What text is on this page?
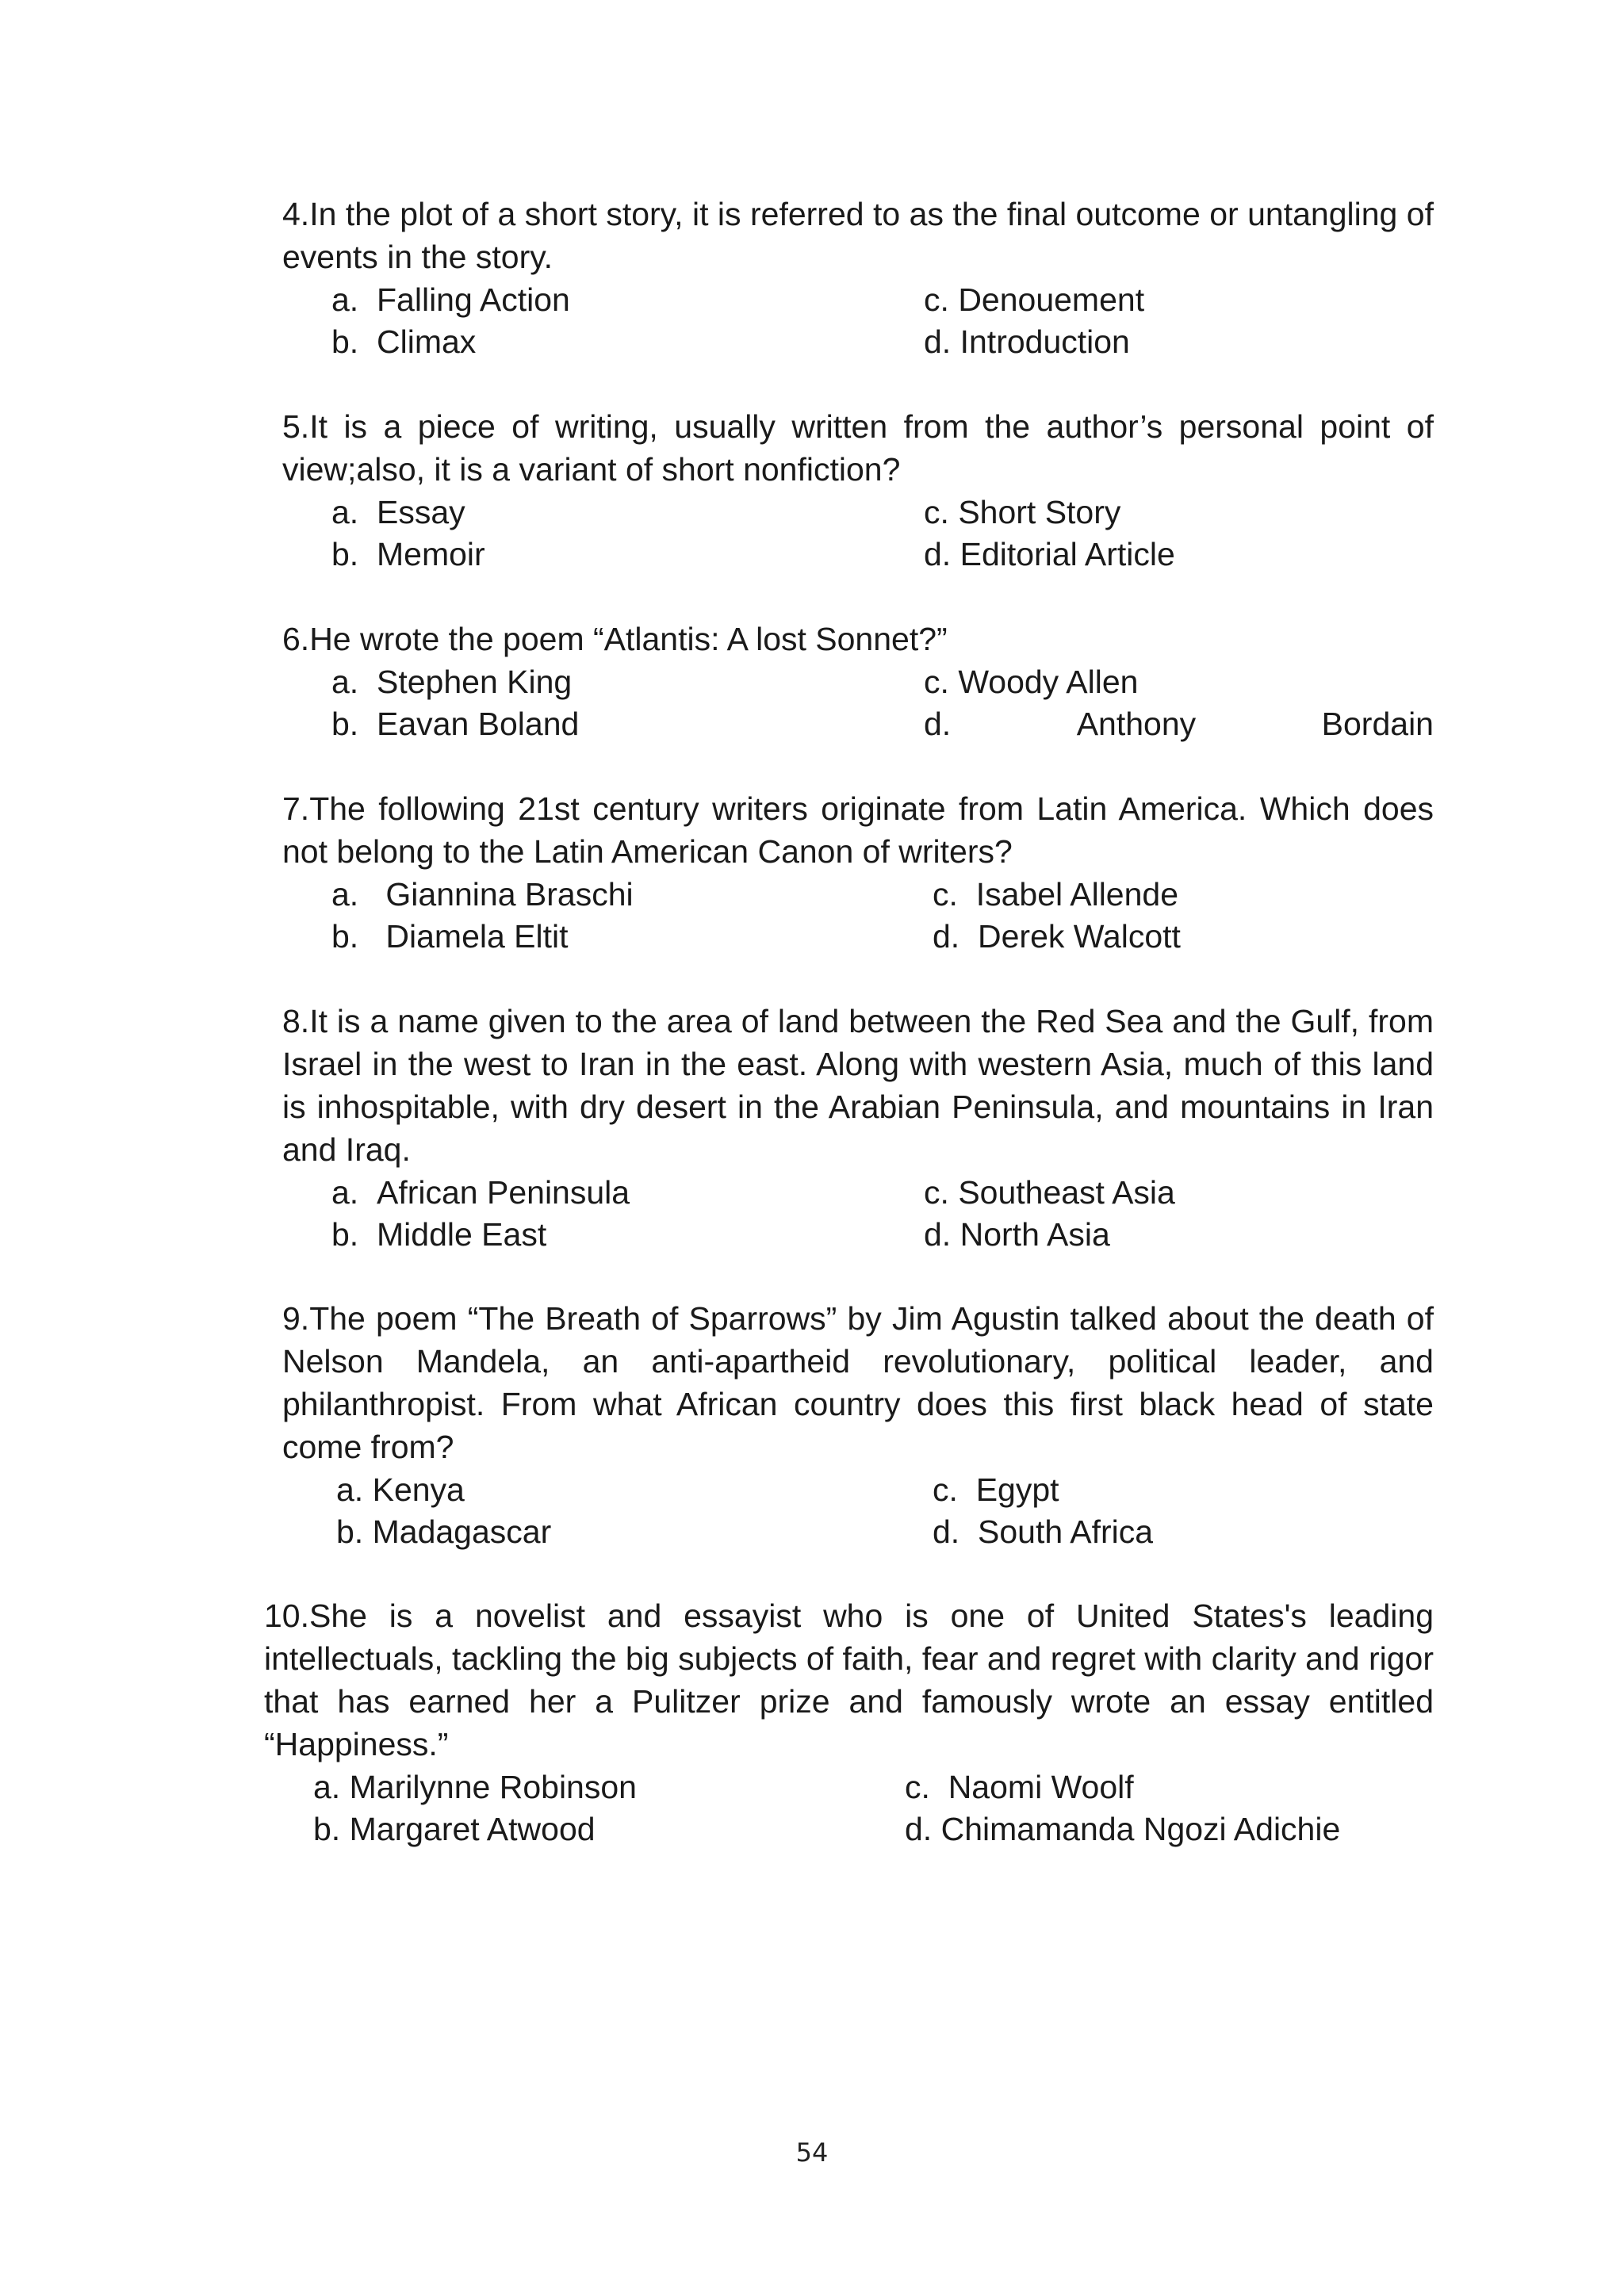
4.In the plot of a short story, it is referred to as the final outcome or untangling of events in the story.

a. Falling Action
b. Climax
c. Denouement
d. Introduction

5.It is a piece of writing, usually written from the author’s personal point of view;also, it is a variant of short nonfiction?

a. Essay
b. Memoir
c. Short Story
d. Editorial Article

6.He wrote the poem “Atlantis: A lost Sonnet?”

a. Stephen King
b. Eavan Boland
c. Woody Allen
d.	Anthony	Bordain

7.The following 21st century writers originate from Latin America. Which does not belong to the Latin American Canon of writers?

a. Giannina Braschi
b. Diamela Eltit
c. Isabel Allende
d. Derek Walcott

8.It is a name given to the area of land between the Red Sea and the Gulf, from Israel in the west to Iran in the east. Along with western Asia, much of this land is inhospitable, with dry desert in the Arabian Peninsula, and mountains in Iran and Iraq.

a. African Peninsula
b. Middle East
c. Southeast Asia
d. North Asia

9.The poem “The Breath of Sparrows” by Jim Agustin talked about the death of Nelson Mandela, an anti-apartheid revolutionary, political leader, and philanthropist. From what African country does this first black head of state come from?

a. Kenya
b. Madagascar
c. Egypt
d. South Africa

10.She is a novelist and essayist who is one of United States's leading intellectuals, tackling the big subjects of faith, fear and regret with clarity and rigor that has earned her a Pulitzer prize and famously wrote an essay entitled “Happiness.”

a. Marilynne Robinson
b. Margaret Atwood
c. Naomi Woolf
d. Chimamanda Ngozi Adichie
54
